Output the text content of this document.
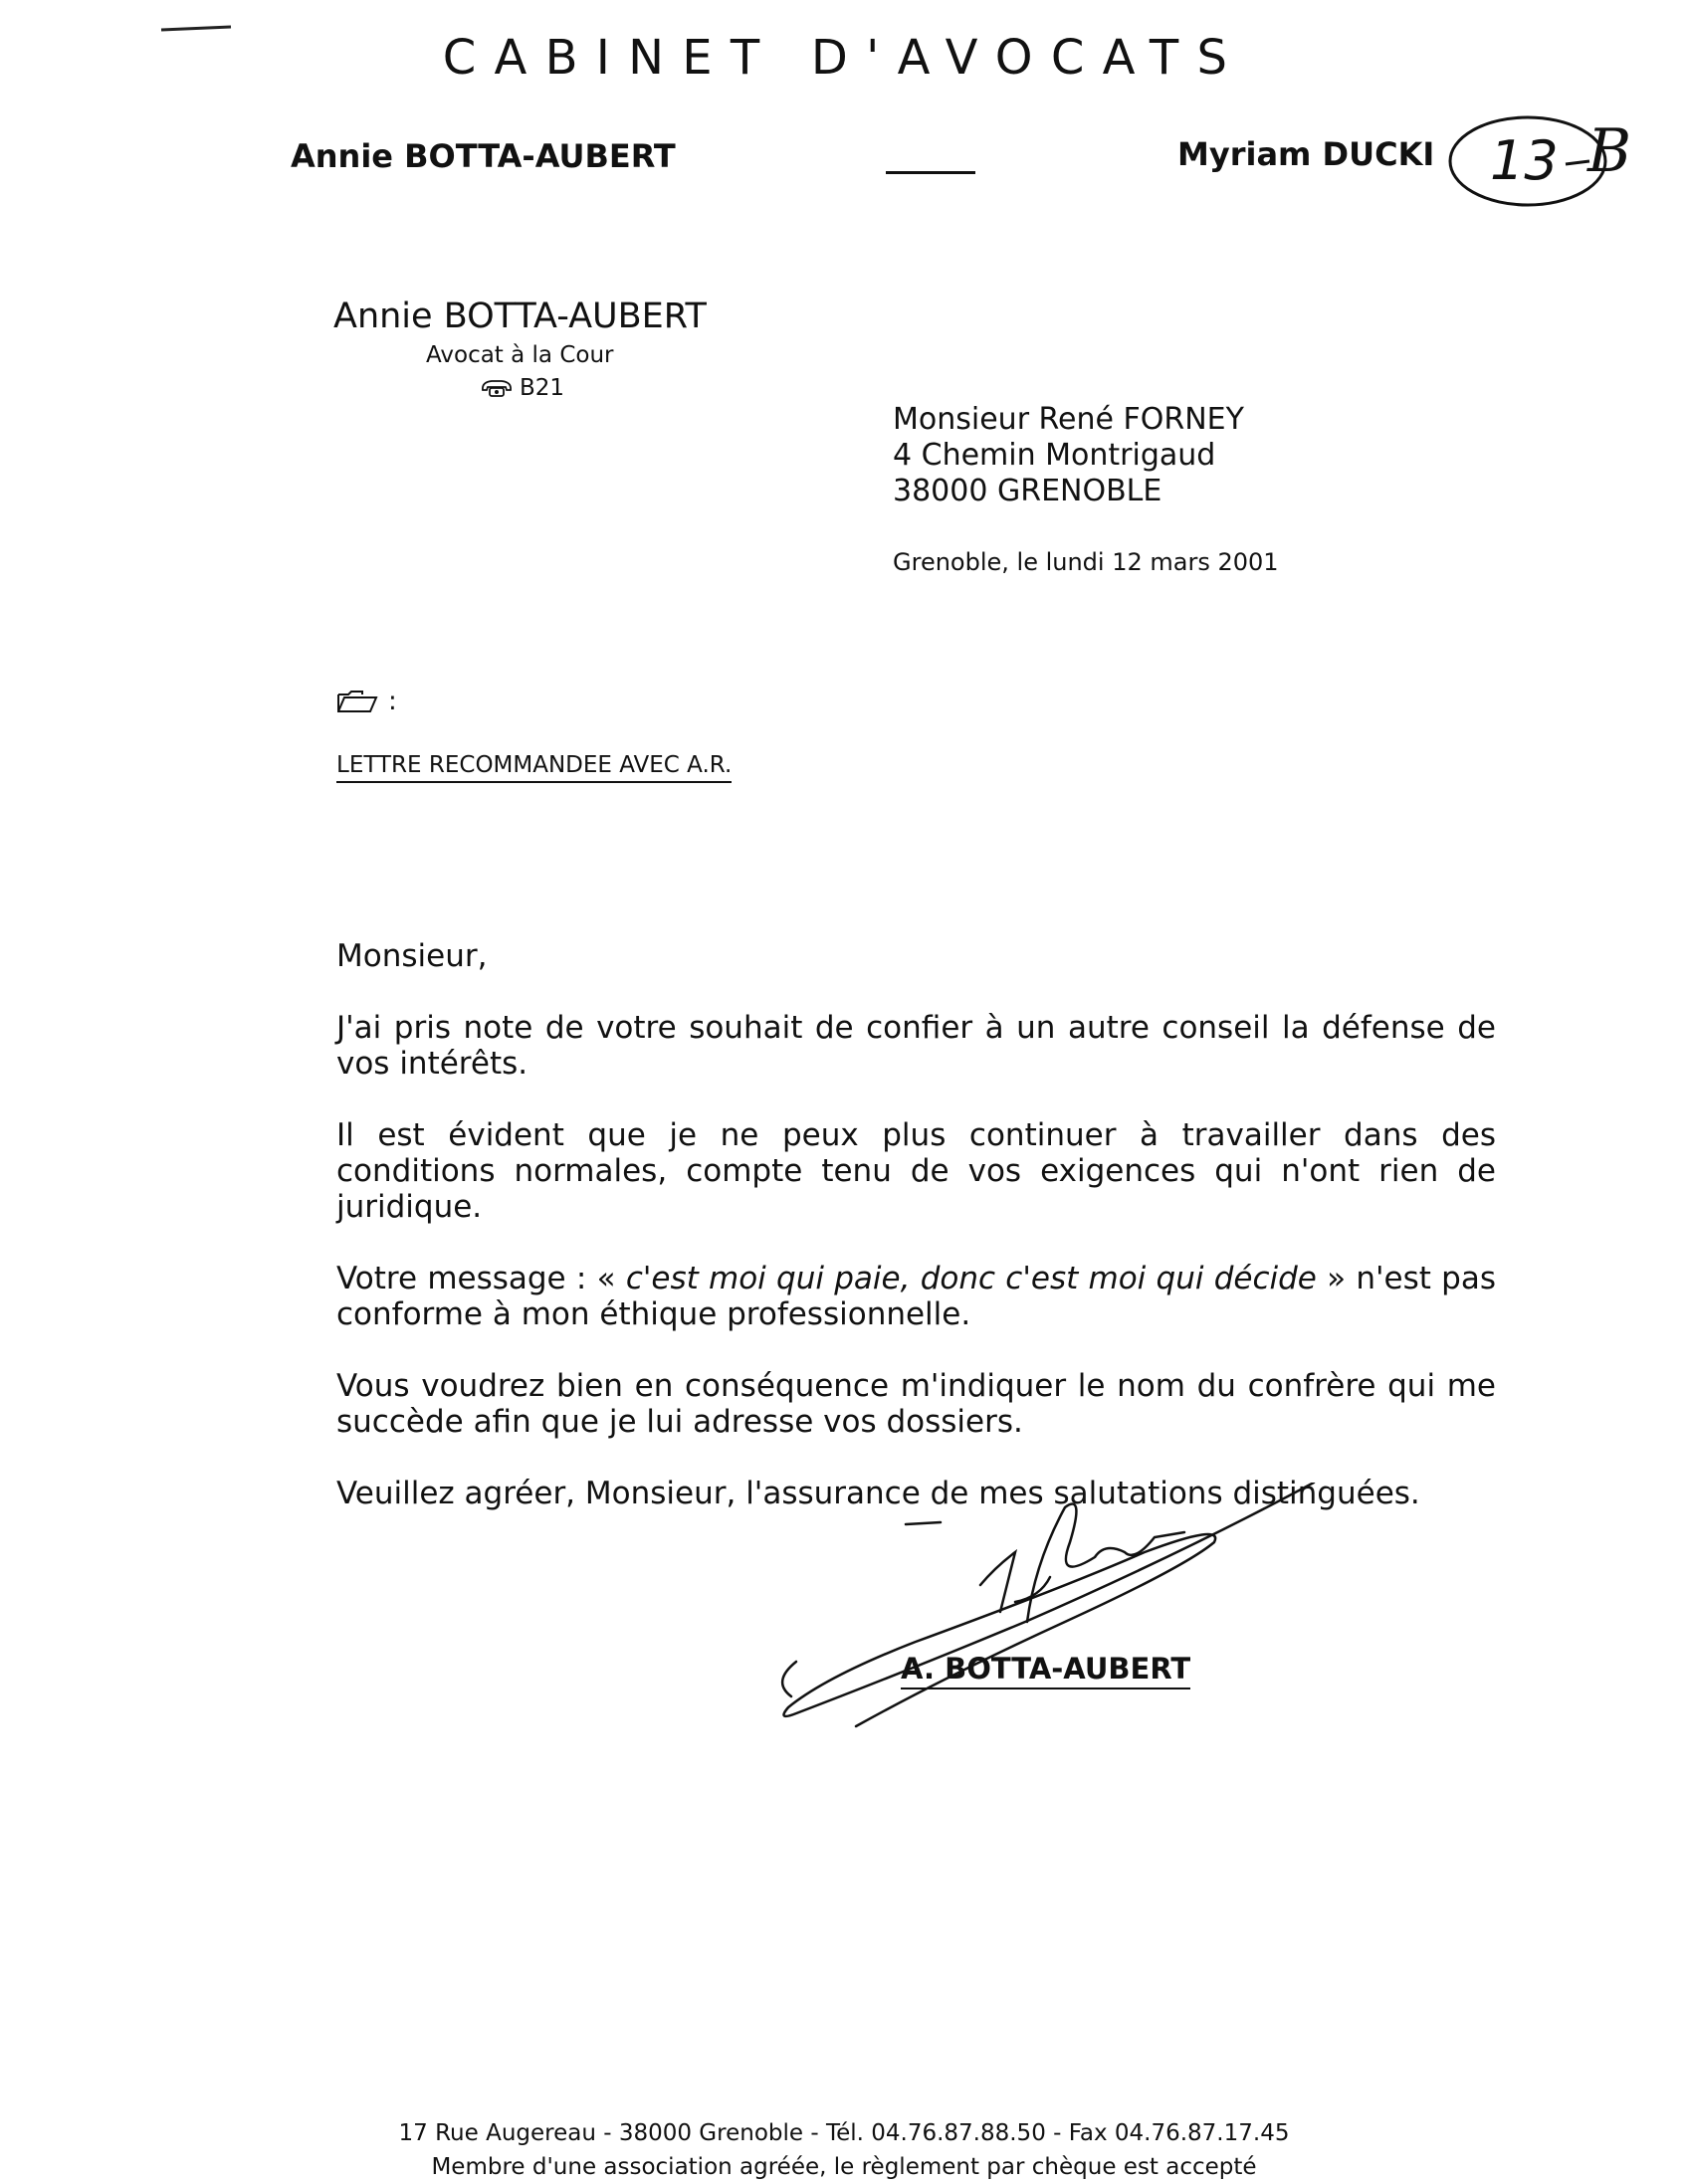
CABINET D'AVOCATS
Annie BOTTA-AUBERT	Myriam DUCKI 13 B
Annie BOTTA-AUBERT
Avocat à la Cour
B21
Monsieur René FORNEY
4 Chemin Montrigaud
38000 GRENOBLE
Grenoble, le lundi 12 mars 2001
:
LETTRE RECOMMANDEE AVEC A.R.

Monsieur,

J'ai pris note de votre souhait de confier à un autre conseil la défense de vos intérêts.

Il est évident que je ne peux plus continuer à travailler dans des conditions normales, compte tenu de vos exigences qui n'ont rien de juridique.

Votre message : « c'est moi qui paie, donc c'est moi qui décide » n'est pas conforme à mon éthique professionnelle.

Vous voudrez bien en conséquence m'indiquer le nom du confrère qui me succède afin que je lui adresse vos dossiers.

Veuillez agréer, Monsieur, l'assurance de mes salutations distinguées.

A. BOTTA-AUBERT
17 Rue Augereau - 38000 Grenoble - Tél. 04.76.87.88.50 - Fax 04.76.87.17.45
Membre d'une association agréée, le règlement par chèque est accepté
